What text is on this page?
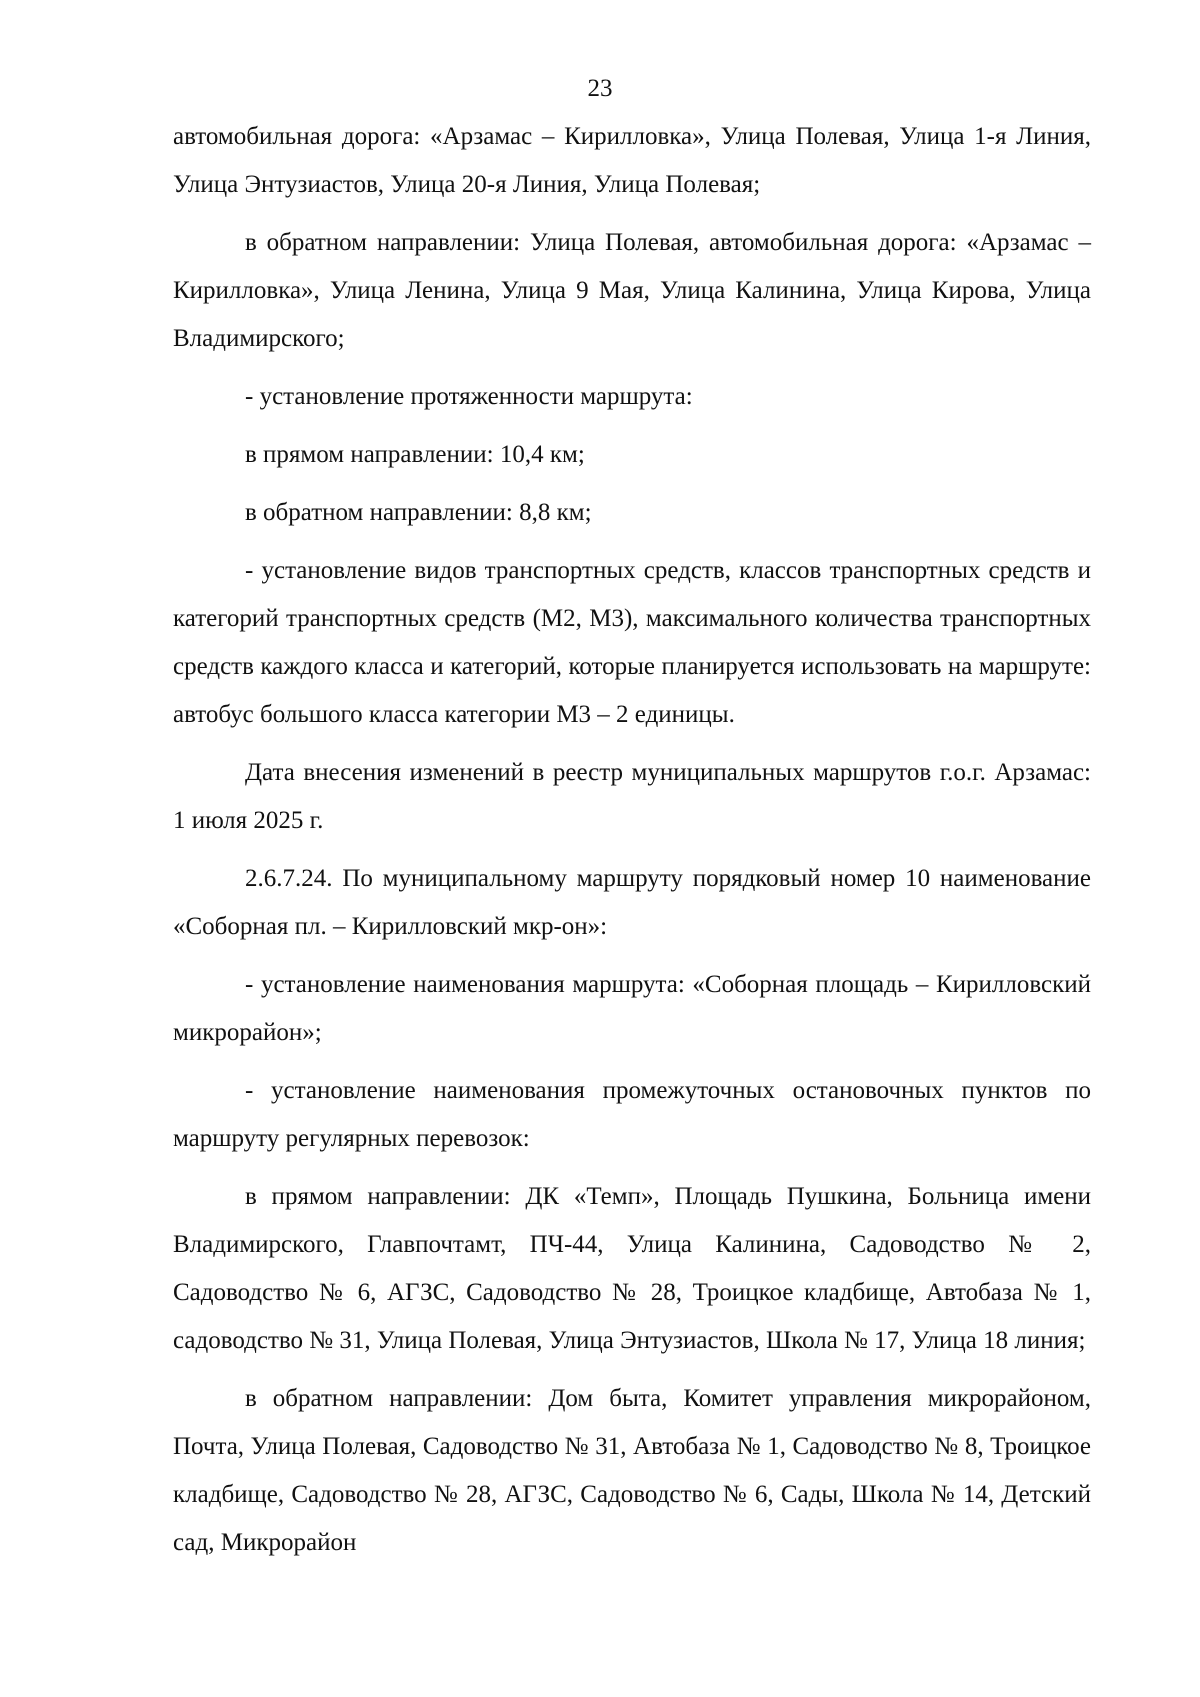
23

автомобильная дорога: «Арзамас – Кирилловка», Улица Полевая, Улица 1-я Линия, Улица Энтузиастов, Улица 20-я Линия, Улица Полевая;

в обратном направлении: Улица Полевая, автомобильная дорога: «Арзамас – Кирилловка», Улица Ленина, Улица 9 Мая, Улица Калинина, Улица Кирова, Улица Владимирского;

- установление протяженности маршрута:

в прямом направлении: 10,4 км;

в обратном направлении: 8,8 км;

- установление видов транспортных средств, классов транспортных средств и категорий транспортных средств (М2, М3), максимального количества транспортных средств каждого класса и категорий, которые планируется использовать на маршруте: автобус большого класса категории М3 – 2 единицы.

Дата внесения изменений в реестр муниципальных маршрутов г.о.г. Арзамас: 1 июля 2025 г.

2.6.7.24. По муниципальному маршруту порядковый номер 10 наименование «Соборная пл. – Кирилловский мкр-он»:

- установление наименования маршрута: «Соборная площадь – Кирилловский микрорайон»;

- установление наименования промежуточных остановочных пунктов по маршруту регулярных перевозок:

в прямом направлении: ДК «Темп», Площадь Пушкина, Больница имени Владимирского, Главпочтамт, ПЧ-44, Улица Калинина, Садоводство № 2, Садоводство № 6, АГЗС, Садоводство № 28, Троицкое кладбище, Автобаза № 1, садоводство № 31, Улица Полевая, Улица Энтузиастов, Школа № 17, Улица 18 линия;

в обратном направлении: Дом быта, Комитет управления микрорайоном, Почта, Улица Полевая, Садоводство № 31, Автобаза № 1, Садоводство № 8, Троицкое кладбище, Садоводство № 28, АГЗС, Садоводство № 6, Сады, Школа № 14, Детский сад, Микрорайон
